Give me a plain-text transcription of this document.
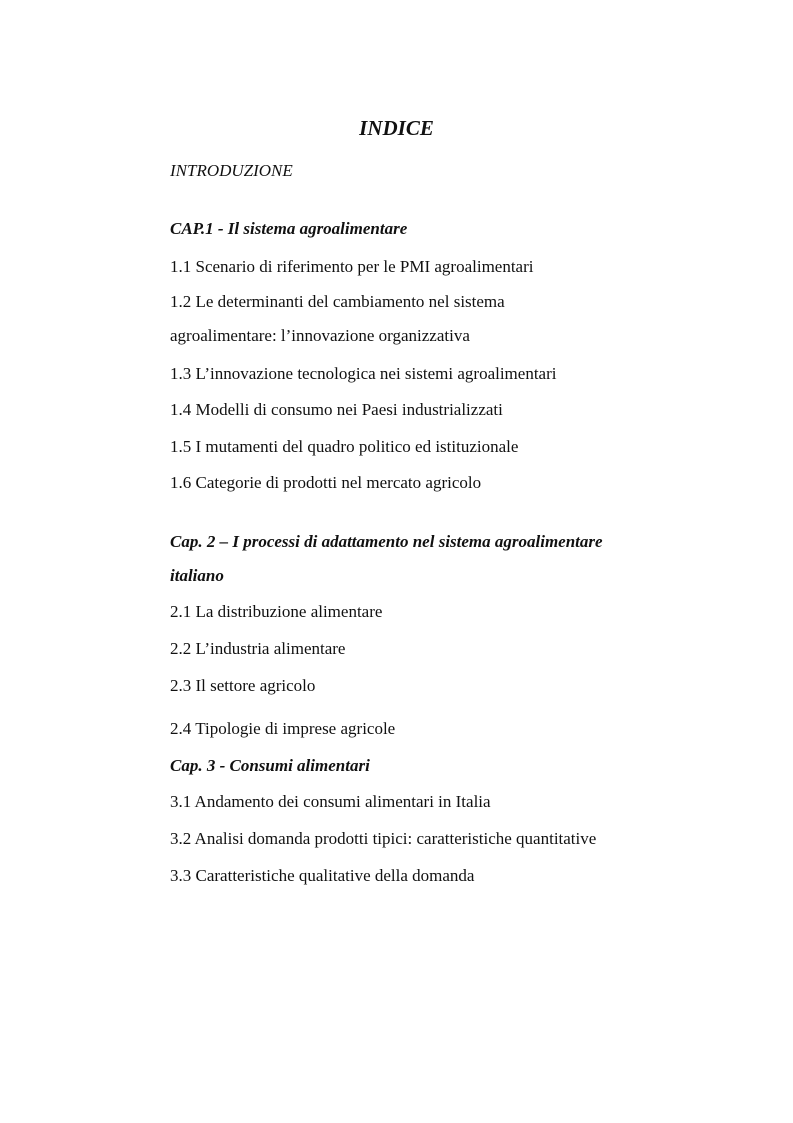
INDICE
INTRODUZIONE
CAP.1 - Il sistema agroalimentare
1.1 Scenario di riferimento per le PMI agroalimentari
1.2 Le determinanti del cambiamento nel sistema
agroalimentare: l’innovazione organizzativa
1.3 L’innovazione tecnologica nei sistemi agroalimentari
1.4 Modelli di consumo nei Paesi industrializzati
1.5 I mutamenti del quadro politico ed istituzionale
1.6 Categorie di prodotti nel mercato agricolo
Cap. 2 – I processi di adattamento nel sistema agroalimentare
italiano
2.1 La distribuzione alimentare
2.2 L’industria alimentare
2.3 Il settore agricolo
2.4 Tipologie di imprese agricole
Cap. 3 - Consumi alimentari
3.1 Andamento dei consumi alimentari in Italia
3.2 Analisi domanda prodotti tipici: caratteristiche quantitative
3.3 Caratteristiche qualitative della domanda
